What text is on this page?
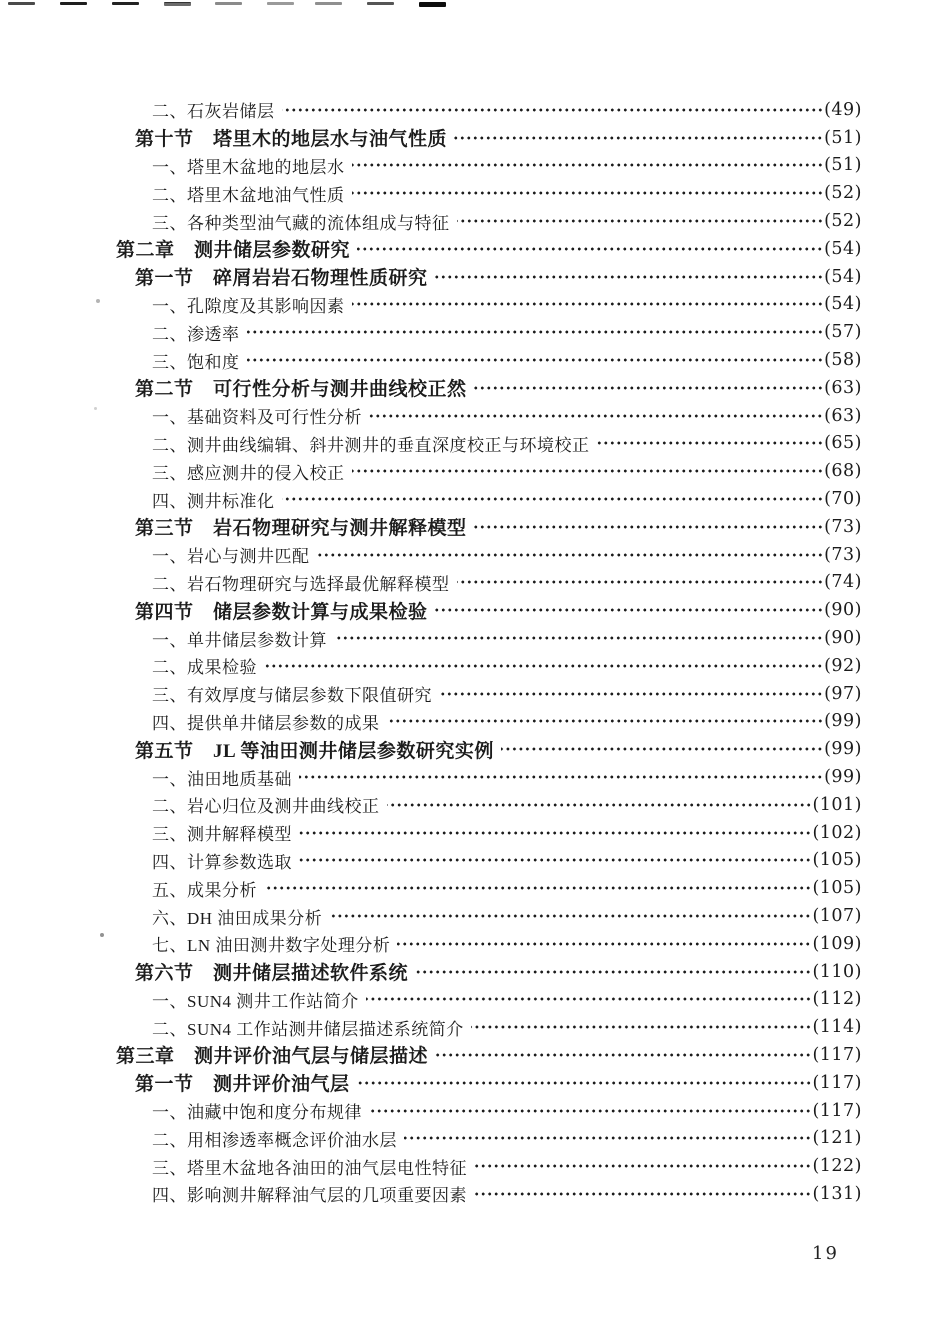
二、石灰岩储层	(49)
第十节　塔里木的地层水与油气性质	(51)
一、塔里木盆地的地层水	(51)
二、塔里木盆地油气性质	(52)
三、各种类型油气藏的流体组成与特征	(52)
第二章　测井储层参数研究	(54)
第一节　碎屑岩岩石物理性质研究	(54)
一、孔隙度及其影响因素	(54)
二、渗透率	(57)
三、饱和度	(58)
第二节　可行性分析与测井曲线校正然	(63)
一、基础资料及可行性分析	(63)
二、测井曲线编辑、斜井测井的垂直深度校正与环境校正	(65)
三、感应测井的侵入校正	(68)
四、测井标准化	(70)
第三节　岩石物理研究与测井解释模型	(73)
一、岩心与测井匹配	(73)
二、岩石物理研究与选择最优解释模型	(74)
第四节　储层参数计算与成果检验	(90)
一、单井储层参数计算	(90)
二、成果检验	(92)
三、有效厚度与储层参数下限值研究	(97)
四、提供单井储层参数的成果	(99)
第五节　JL 等油田测井储层参数研究实例	(99)
一、油田地质基础	(99)
二、岩心归位及测井曲线校正	(101)
三、测井解释模型	(102)
四、计算参数选取	(105)
五、成果分析	(105)
六、DH 油田成果分析	(107)
七、LN 油田测井数字处理分析	(109)
第六节　测井储层描述软件系统	(110)
一、SUN4 测井工作站简介	(112)
二、SUN4 工作站测井储层描述系统简介	(114)
第三章　测井评价油气层与储层描述	(117)
第一节　测井评价油气层	(117)
一、油藏中饱和度分布规律	(117)
二、用相渗透率概念评价油水层	(121)
三、塔里木盆地各油田的油气层电性特征	(122)
四、影响测井解释油气层的几项重要因素	(131)
19
